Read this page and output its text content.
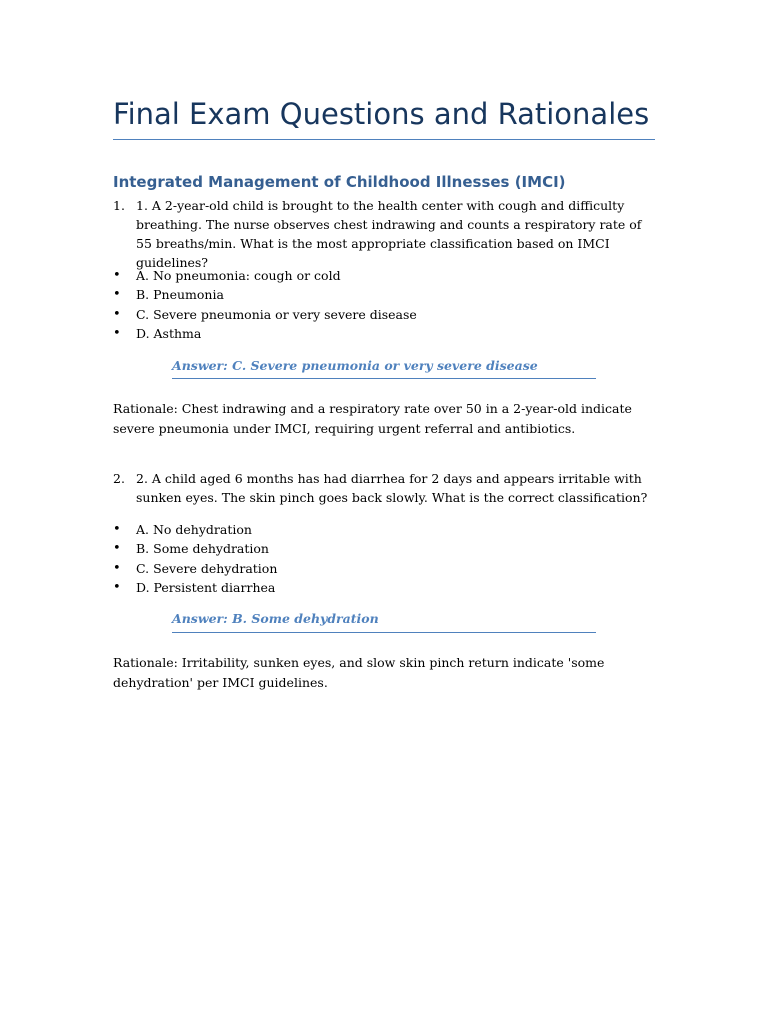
Final Exam Questions and Rationales
Integrated Management of Childhood Illnesses (IMCI)
1. 1. A 2-year-old child is brought to the health center with cough and difficulty breathing. The nurse observes chest indrawing and counts a respiratory rate of 55 breaths/min. What is the most appropriate classification based on IMCI guidelines?
• A. No pneumonia: cough or cold
• B. Pneumonia
• C. Severe pneumonia or very severe disease
• D. Asthma
Answer: C. Severe pneumonia or very severe disease
Rationale: Chest indrawing and a respiratory rate over 50 in a 2-year-old indicate severe pneumonia under IMCI, requiring urgent referral and antibiotics.
2. 2. A child aged 6 months has had diarrhea for 2 days and appears irritable with sunken eyes. The skin pinch goes back slowly. What is the correct classification?
• A. No dehydration
• B. Some dehydration
• C. Severe dehydration
• D. Persistent diarrhea
Answer: B. Some dehydration
Rationale: Irritability, sunken eyes, and slow skin pinch return indicate 'some dehydration' per IMCI guidelines.
